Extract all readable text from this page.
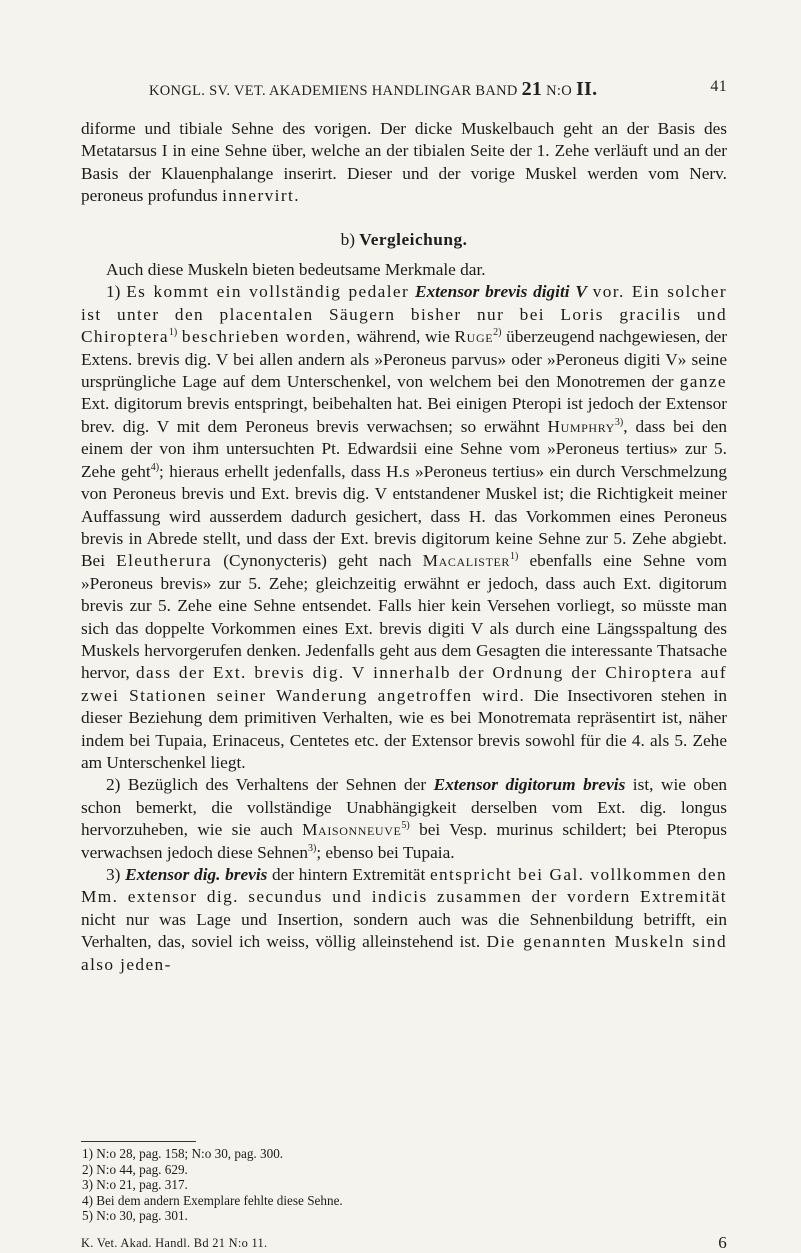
KONGL. SV. VET. AKADEMIENS HANDLINGAR BAND 21 N:O II.	41

diforme und tibiale Sehne des vorigen. Der dicke Muskelbauch geht an der Basis des Metatarsus I in eine Sehne über, welche an der tibialen Seite der 1. Zehe verläuft und an der Basis der Klauenphalange inserirt. Dieser und der vorige Muskel werden vom Nerv. peroneus profundus innervirt.

b) Vergleichung.

Auch diese Muskeln bieten bedeutsame Merkmale dar.

1) Es kommt ein vollständig pedaler Extensor brevis digiti V vor. Ein solcher ist unter den placentalen Säugern bisher nur bei Loris gracilis und Chiroptera$^{1)}$ beschrieben worden, während, wie Ruge$^{2)}$ überzeugend nachgewiesen, der Extens. brevis dig. V bei allen andern als »Peroneus parvus» oder »Peroneus digiti V» seine ursprüngliche Lage auf dem Unterschenkel, von welchem bei den Monotremen der ganze Ext. digitorum brevis entspringt, beibehalten hat. Bei einigen Pteropi ist jedoch der Extensor brev. dig. V mit dem Peroneus brevis verwachsen; so erwähnt Humphry$^{3)}$, dass bei den einem der von ihm untersuchten Pt. Edwardsii eine Sehne vom »Peroneus tertius» zur 5. Zehe geht$^{4)}$; hieraus erhellt jedenfalls, dass H.s »Peroneus tertius» ein durch Verschmelzung von Peroneus brevis und Ext. brevis dig. V entstandener Muskel ist; die Richtigkeit meiner Auffassung wird ausserdem dadurch gesichert, dass H. das Vorkommen eines Peroneus brevis in Abrede stellt, und dass der Ext. brevis digitorum keine Sehne zur 5. Zehe abgiebt. Bei Eleutherura (Cynonycteris) geht nach Macalister$^{1)}$ ebenfalls eine Sehne vom »Peroneus brevis» zur 5. Zehe; gleichzeitig erwähnt er jedoch, dass auch Ext. digitorum brevis zur 5. Zehe eine Sehne entsendet. Falls hier kein Versehen vorliegt, so müsste man sich das doppelte Vorkommen eines Ext. brevis digiti V als durch eine Längsspaltung des Muskels hervorgerufen denken. Jedenfalls geht aus dem Gesagten die interessante Thatsache hervor, dass der Ext. brevis dig. V innerhalb der Ordnung der Chiroptera auf zwei Stationen seiner Wanderung angetroffen wird. Die Insectivoren stehen in dieser Beziehung dem primitiven Verhalten, wie es bei Monotremata repräsentirt ist, näher indem bei Tupaia, Erinaceus, Centetes etc. der Extensor brevis sowohl für die 4. als 5. Zehe am Unterschenkel liegt.

2) Bezüglich des Verhaltens der Sehnen der Extensor digitorum brevis ist, wie oben schon bemerkt, die vollständige Unabhängigkeit derselben vom Ext. dig. longus hervorzuheben, wie sie auch Maisonneuve$^{5)}$ bei Vesp. murinus schildert; bei Pteropus verwachsen jedoch diese Sehnen$^{3)}$; ebenso bei Tupaia.

3) Extensor dig. brevis der hintern Extremität entspricht bei Gal. vollkommen den Mm. extensor dig. secundus und indicis zusammen der vordern Extremität nicht nur was Lage und Insertion, sondern auch was die Sehnenbildung betrifft, ein Verhalten, das, soviel ich weiss, völlig alleinstehend ist. Die genannten Muskeln sind also jeden-

1) N:o 28, pag. 158; N:o 30, pag. 300.
2) N:o 44, pag. 629.
3) N:o 21, pag. 317.
4) Bei dem andern Exemplare fehlte diese Sehne.
5) N:o 30, pag. 301.
K. Vet. Akad. Handl. Bd 21 N:o 11.	6
